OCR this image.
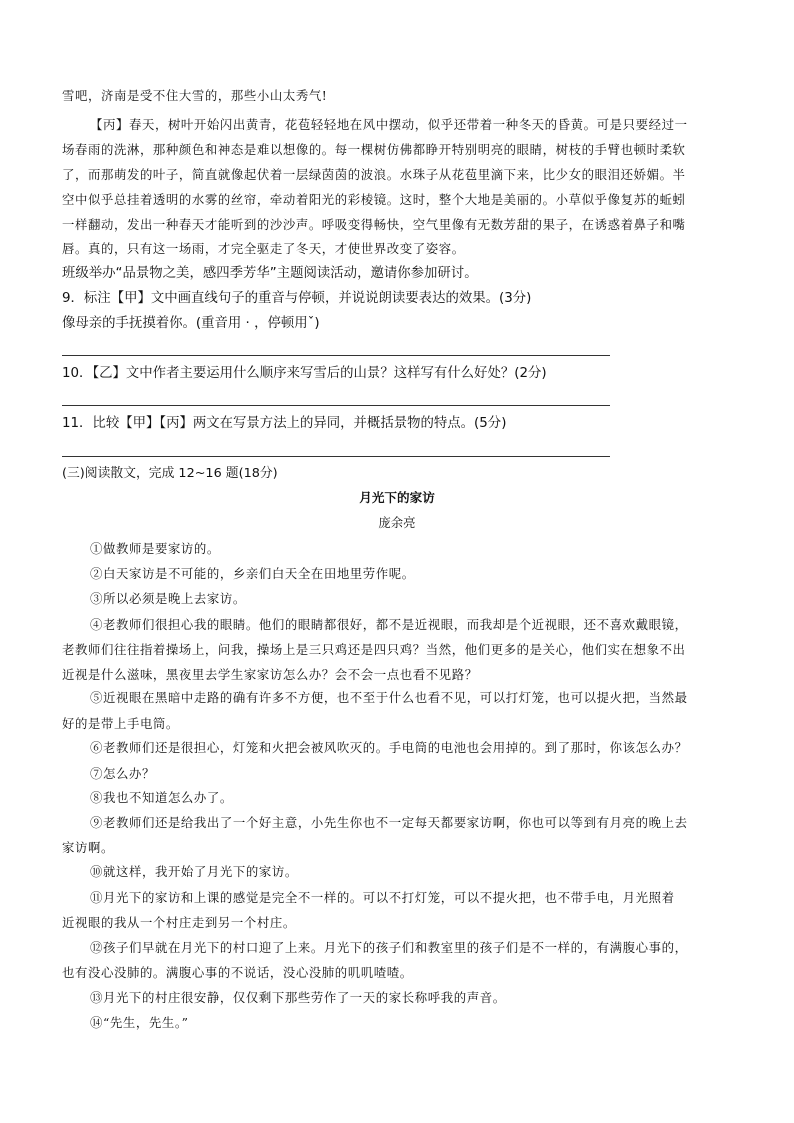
雪吧，济南是受不住大雪的，那些小山太秀气!
【丙】春天，树叶开始闪出黄青，花苞轻轻地在风中摆动，似乎还带着一种冬天的昏黄。可是只要经过一
场春雨的洗淋，那种颜色和神态是难以想像的。每一棵树仿佛都睁开特别明亮的眼睛，树枝的手臂也顿时柔软
了，而那萌发的叶子，简直就像起伏着一层绿茵茵的波浪。水珠子从花苞里滴下来，比少女的眼泪还娇媚。半
空中似乎总挂着透明的水雾的丝帘，牵动着阳光的彩棱镜。这时，整个大地是美丽的。小草似乎像复苏的蚯蚓
一样翻动，发出一种春天才能听到的沙沙声。呼吸变得畅快，空气里像有无数芳甜的果子，在诱惑着鼻子和嘴
唇。真的，只有这一场雨，才完全驱走了冬天，才使世界改变了姿容。
班级举办“品景物之美，感四季芳华”主题阅读活动，邀请你参加研讨。
9．标注【甲】文中画直线句子的重音与停顿，并说说朗读要表达的效果。(3分)
像母亲的手抚摸着你。(重音用 · ，停顿用ˇ)
10．【乙】文中作者主要运用什么顺序来写雪后的山景？这样写有什么好处？(2分)
11．比较【甲】【丙】两文在写景方法上的异同，并概括景物的特点。(5分)
(三)阅读散文，完成 12~16 题(18分)
月光下的家访
庞余亮
①做教师是要家访的。
②白天家访是不可能的，乡亲们白天全在田地里劳作呢。
③所以必须是晚上去家访。
④老教师们很担心我的眼睛。他们的眼睛都很好，都不是近视眼，而我却是个近视眼，还不喜欢戴眼镜，
老教师们往往指着操场上，问我，操场上是三只鸡还是四只鸡？当然，他们更多的是关心，他们实在想象不出
近视是什么滋味，黑夜里去学生家家访怎么办？会不会一点也看不见路？
⑤近视眼在黑暗中走路的确有许多不方便，也不至于什么也看不见，可以打灯笼，也可以提火把，当然最
好的是带上手电筒。
⑥老教师们还是很担心，灯笼和火把会被风吹灭的。手电筒的电池也会用掉的。到了那时，你该怎么办？
⑦怎么办？
⑧我也不知道怎么办了。
⑨老教师们还是给我出了一个好主意，小先生你也不一定每天都要家访啊，你也可以等到有月亮的晚上去
家访啊。
⑩就这样，我开始了月光下的家访。
⑪月光下的家访和上课的感觉是完全不一样的。可以不打灯笼，可以不提火把，也不带手电，月光照着
近视眼的我从一个村庄走到另一个村庄。
⑫孩子们早就在月光下的村口迎了上来。月光下的孩子们和教室里的孩子们是不一样的，有满腹心事的，
也有没心没肺的。满腹心事的不说话，没心没肺的叽叽喳喳。
⑬月光下的村庄很安静，仅仅剩下那些劳作了一天的家长称呼我的声音。
⑭“先生，先生。”
